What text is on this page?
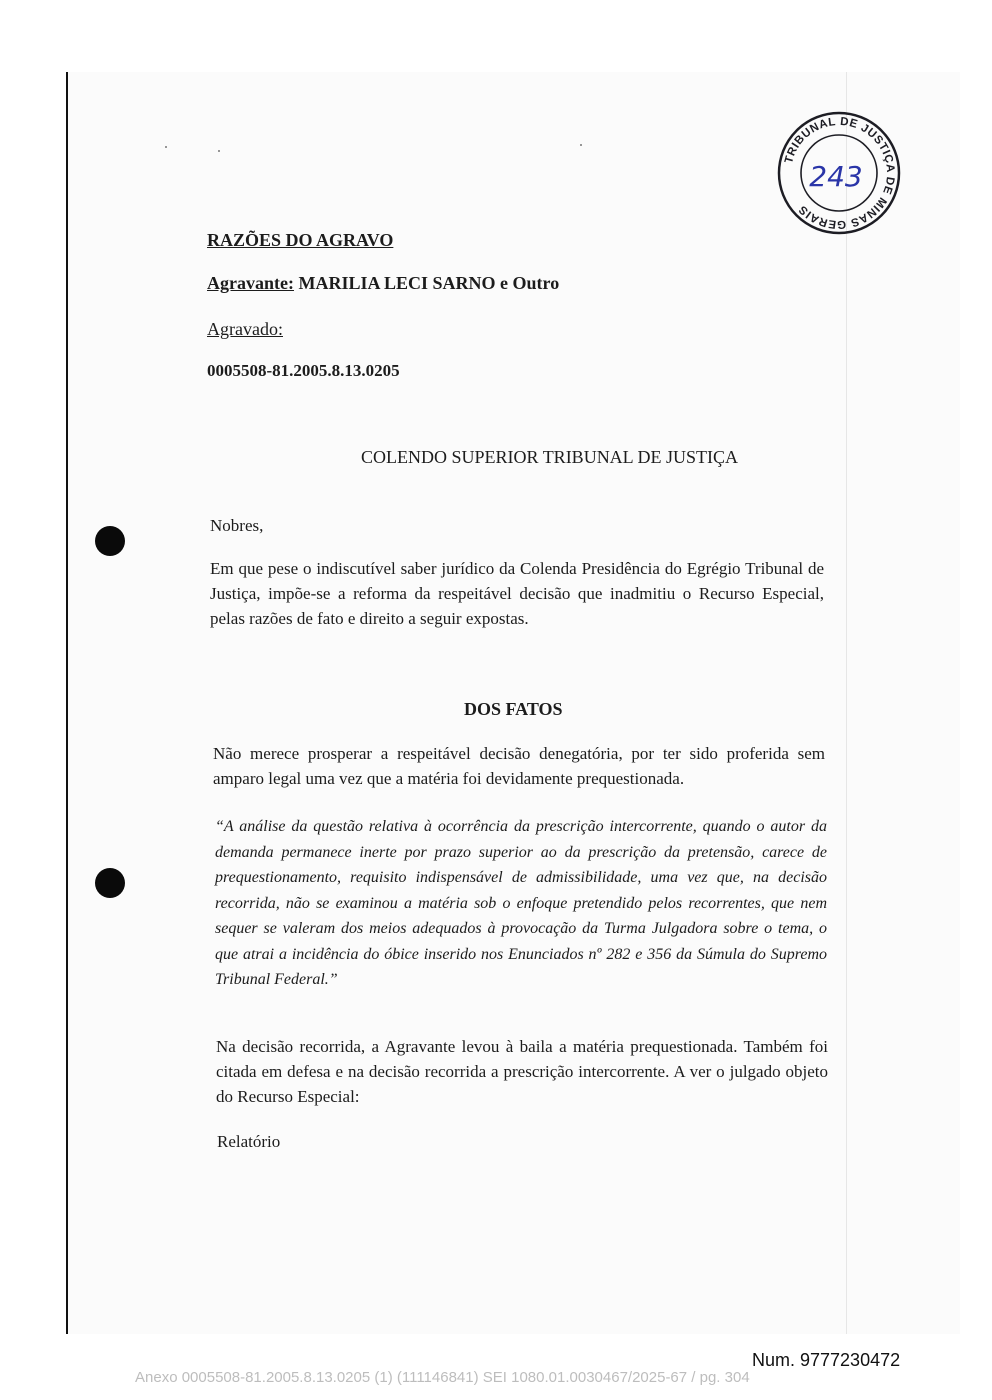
TRIBUNAL DE JUSTIÇA DE MINAS GERAIS
243
RAZÕES DO AGRAVO
Agravante: MARILIA LECI SARNO e Outro
Agravado:
0005508-81.2005.8.13.0205
COLENDO SUPERIOR TRIBUNAL DE JUSTIÇA
Nobres,
Em que pese o indiscutível saber jurídico da Colenda Presidência do Egrégio Tribunal de Justiça, impõe-se a reforma da respeitável decisão que inadmitiu o Recurso Especial, pelas razões de fato e direito a seguir expostas.
DOS FATOS
Não merece prosperar a respeitável decisão denegatória, por ter sido proferida sem amparo legal uma vez que a matéria foi devidamente prequestionada.
“A análise da questão relativa à ocorrência da prescrição intercorrente, quando o autor da demanda permanece inerte por prazo superior ao da prescrição da pretensão, carece de prequestionamento, requisito indispensável de admissibilidade, uma vez que, na decisão recorrida, não se examinou a matéria sob o enfoque pretendido pelos recorrentes, que nem sequer se valeram dos meios adequados à provocação da Turma Julgadora sobre o tema, o que atrai a incidência do óbice inserido nos Enunciados nº 282 e 356 da Súmula do Supremo Tribunal Federal.”
Na decisão recorrida, a Agravante levou à baila a matéria prequestionada. Também foi citada em defesa e na decisão recorrida a prescrição intercorrente. A ver o julgado objeto do Recurso Especial:
Relatório
Num. 9777230472
Anexo 0005508-81.2005.8.13.0205 (1) (111146841) SEI 1080.01.0030467/2025-67 / pg. 304
